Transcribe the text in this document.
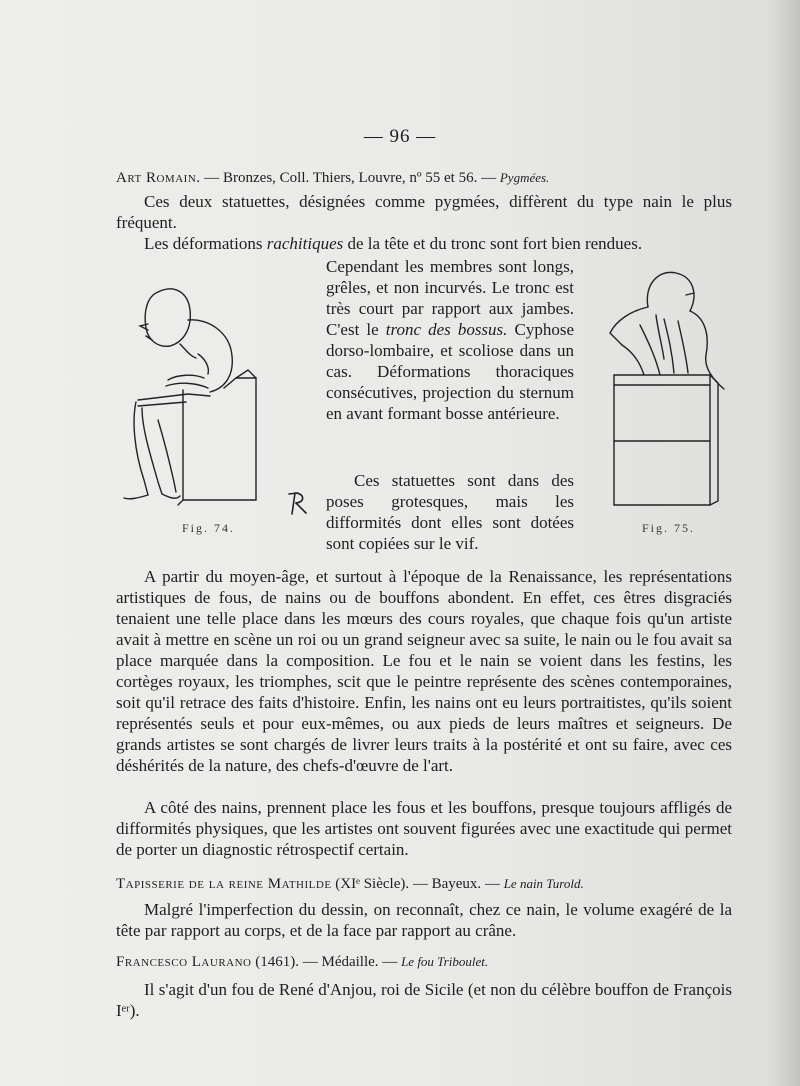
— 96 —
Art Romain. — Bronzes, Coll. Thiers, Louvre, nº 55 et 56. — Pygmées.
Ces deux statuettes, désignées comme pygmées, diffèrent du type nain le plus fréquent.
Les déformations rachitiques de la tête et du tronc sont fort bien rendues.
Fig. 74.
Cependant les membres sont longs, grêles, et non incurvés. Le tronc est très court par rapport aux jambes. C'est le tronc des bossus. Cyphose dorso-lombaire, et scoliose dans un cas. Déformations thoraciques consécutives, projection du sternum en avant formant bosse antérieure.
Ces statuettes sont dans des poses grotesques, mais les difformités dont elles sont dotées sont copiées sur le vif.
Fig. 75.
A partir du moyen-âge, et surtout à l'époque de la Renaissance, les représentations artistiques de fous, de nains ou de bouffons abondent. En effet, ces êtres disgraciés tenaient une telle place dans les mœurs des cours royales, que chaque fois qu'un artiste avait à mettre en scène un roi ou un grand seigneur avec sa suite, le nain ou le fou avait sa place marquée dans la composition. Le fou et le nain se voient dans les festins, les cortèges royaux, les triomphes, scit que le peintre représente des scènes contemporaines, soit qu'il retrace des faits d'histoire. Enfin, les nains ont eu leurs portraitistes, qu'ils soient représentés seuls et pour eux-mêmes, ou aux pieds de leurs maîtres et seigneurs. De grands artistes se sont chargés de livrer leurs traits à la postérité et ont su faire, avec ces déshérités de la nature, des chefs-d'œuvre de l'art.
A côté des nains, prennent place les fous et les bouffons, presque toujours affligés de difformités physiques, que les artistes ont souvent figurées avec une exactitude qui permet de porter un diagnostic rétrospectif certain.
Tapisserie de la reine Mathilde (XIᵉ Siècle). — Bayeux. — Le nain Turold.
Malgré l'imperfection du dessin, on reconnaît, chez ce nain, le volume exagéré de la tête par rapport au corps, et de la face par rapport au crâne.
Francesco Laurano (1461). — Médaille. — Le fou Triboulet.
Il s'agit d'un fou de René d'Anjou, roi de Sicile (et non du célèbre bouffon de François Iᵉʳ).
